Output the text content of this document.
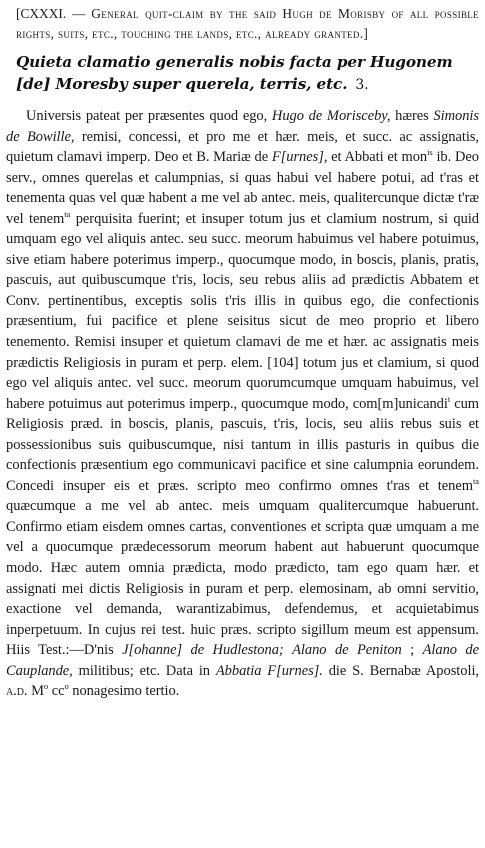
[CXXXI. — General quit-claim by the said Hugh de Morisby of all possible rights, suits, etc., touching the lands, etc., already granted.]

Quieta clamatio generalis nobis facta per Hugonem [de] Moresby super querela, terris, etc. 3.

Universis pateat per præsentes quod ego, Hugo de Morisceby, hæres Simonis de Bowille, remisi, concessi, et pro me et hær. meis, et succ. ac assignatis, quietum clamavi imperp. Deo et B. Mariæ de F[urnes], et Abbati et mon$^{is}$ ib. Deo serv., omnes querelas et calumpnias, si quas habui vel habere potui, ad t'ras et tenementa quas vel quæ habent a me vel ab antec. meis, qualitercunque dictæ t'ræ vel tenem$^{ta}$ perquisita fuerint; et insuper totum jus et clamium nostrum, si quid umquam ego vel aliquis antec. seu succ. meorum habuimus vel habere potuimus, sive etiam habere poterimus imperp., quocumque modo, in boscis, planis, pratis, pascuis, aut quibuscumque t'ris, locis, seu rebus aliis ad prædictis Abbatem et Conv. pertinentibus, exceptis solis t'ris illis in quibus ego, die confectionis præsentium, fui pacifice et plene seisitus sicut de meo proprio et libero tenemento. Remisi insuper et quietum clamavi de me et hær. ac assignatis meis prædictis Religiosis in puram et perp. elem. [104] totum jus et clamium, si quod ego vel aliquis antec. vel succ. meorum quorumcumque umquam habuimus, vel habere potuimus aut poterimus imperp., quocumque modo, com[m]unicandi$^t$ cum Religiosis præd. in boscis, planis, pascuis, t'ris, locis, seu aliis rebus suis et possessionibus suis quibuscumque, nisi tantum in illis pasturis in quibus die confectionis præsentium ego communicavi pacifice et sine calumpnia eorundem. Concedi insuper eis et præs. scripto meo confirmo omnes t'ras et tenem$^{ta}$ quæcumque a me vel ab antec. meis umquam qualitercumque habuerunt. Confirmo etiam eisdem omnes cartas, conventiones et scripta quæ umquam a me vel a quocumque prædecessorum meorum habent aut habuerunt quocumque modo. Hæc autem omnia prædicta, modo prædicto, tam ego quam hær. et assignati mei dictis Religiosis in puram et perp. elemosinam, ab omni servitio, exactione vel demanda, warantizabimus, defendemus, et acquietabimus inperpetuum. In cujus rei test. huic præs. scripto sigillum meum est appensum. Hiis Test.:—D'nis J[ohanne] de Hudlestona; Alano de Peniton ; Alano de Cauplande, militibus; etc. Data in Abbatia F[urnes]. die S. Bernabæ Apostoli, a.d. $M^o$ $cc^o$ nonagesimo tertio.
